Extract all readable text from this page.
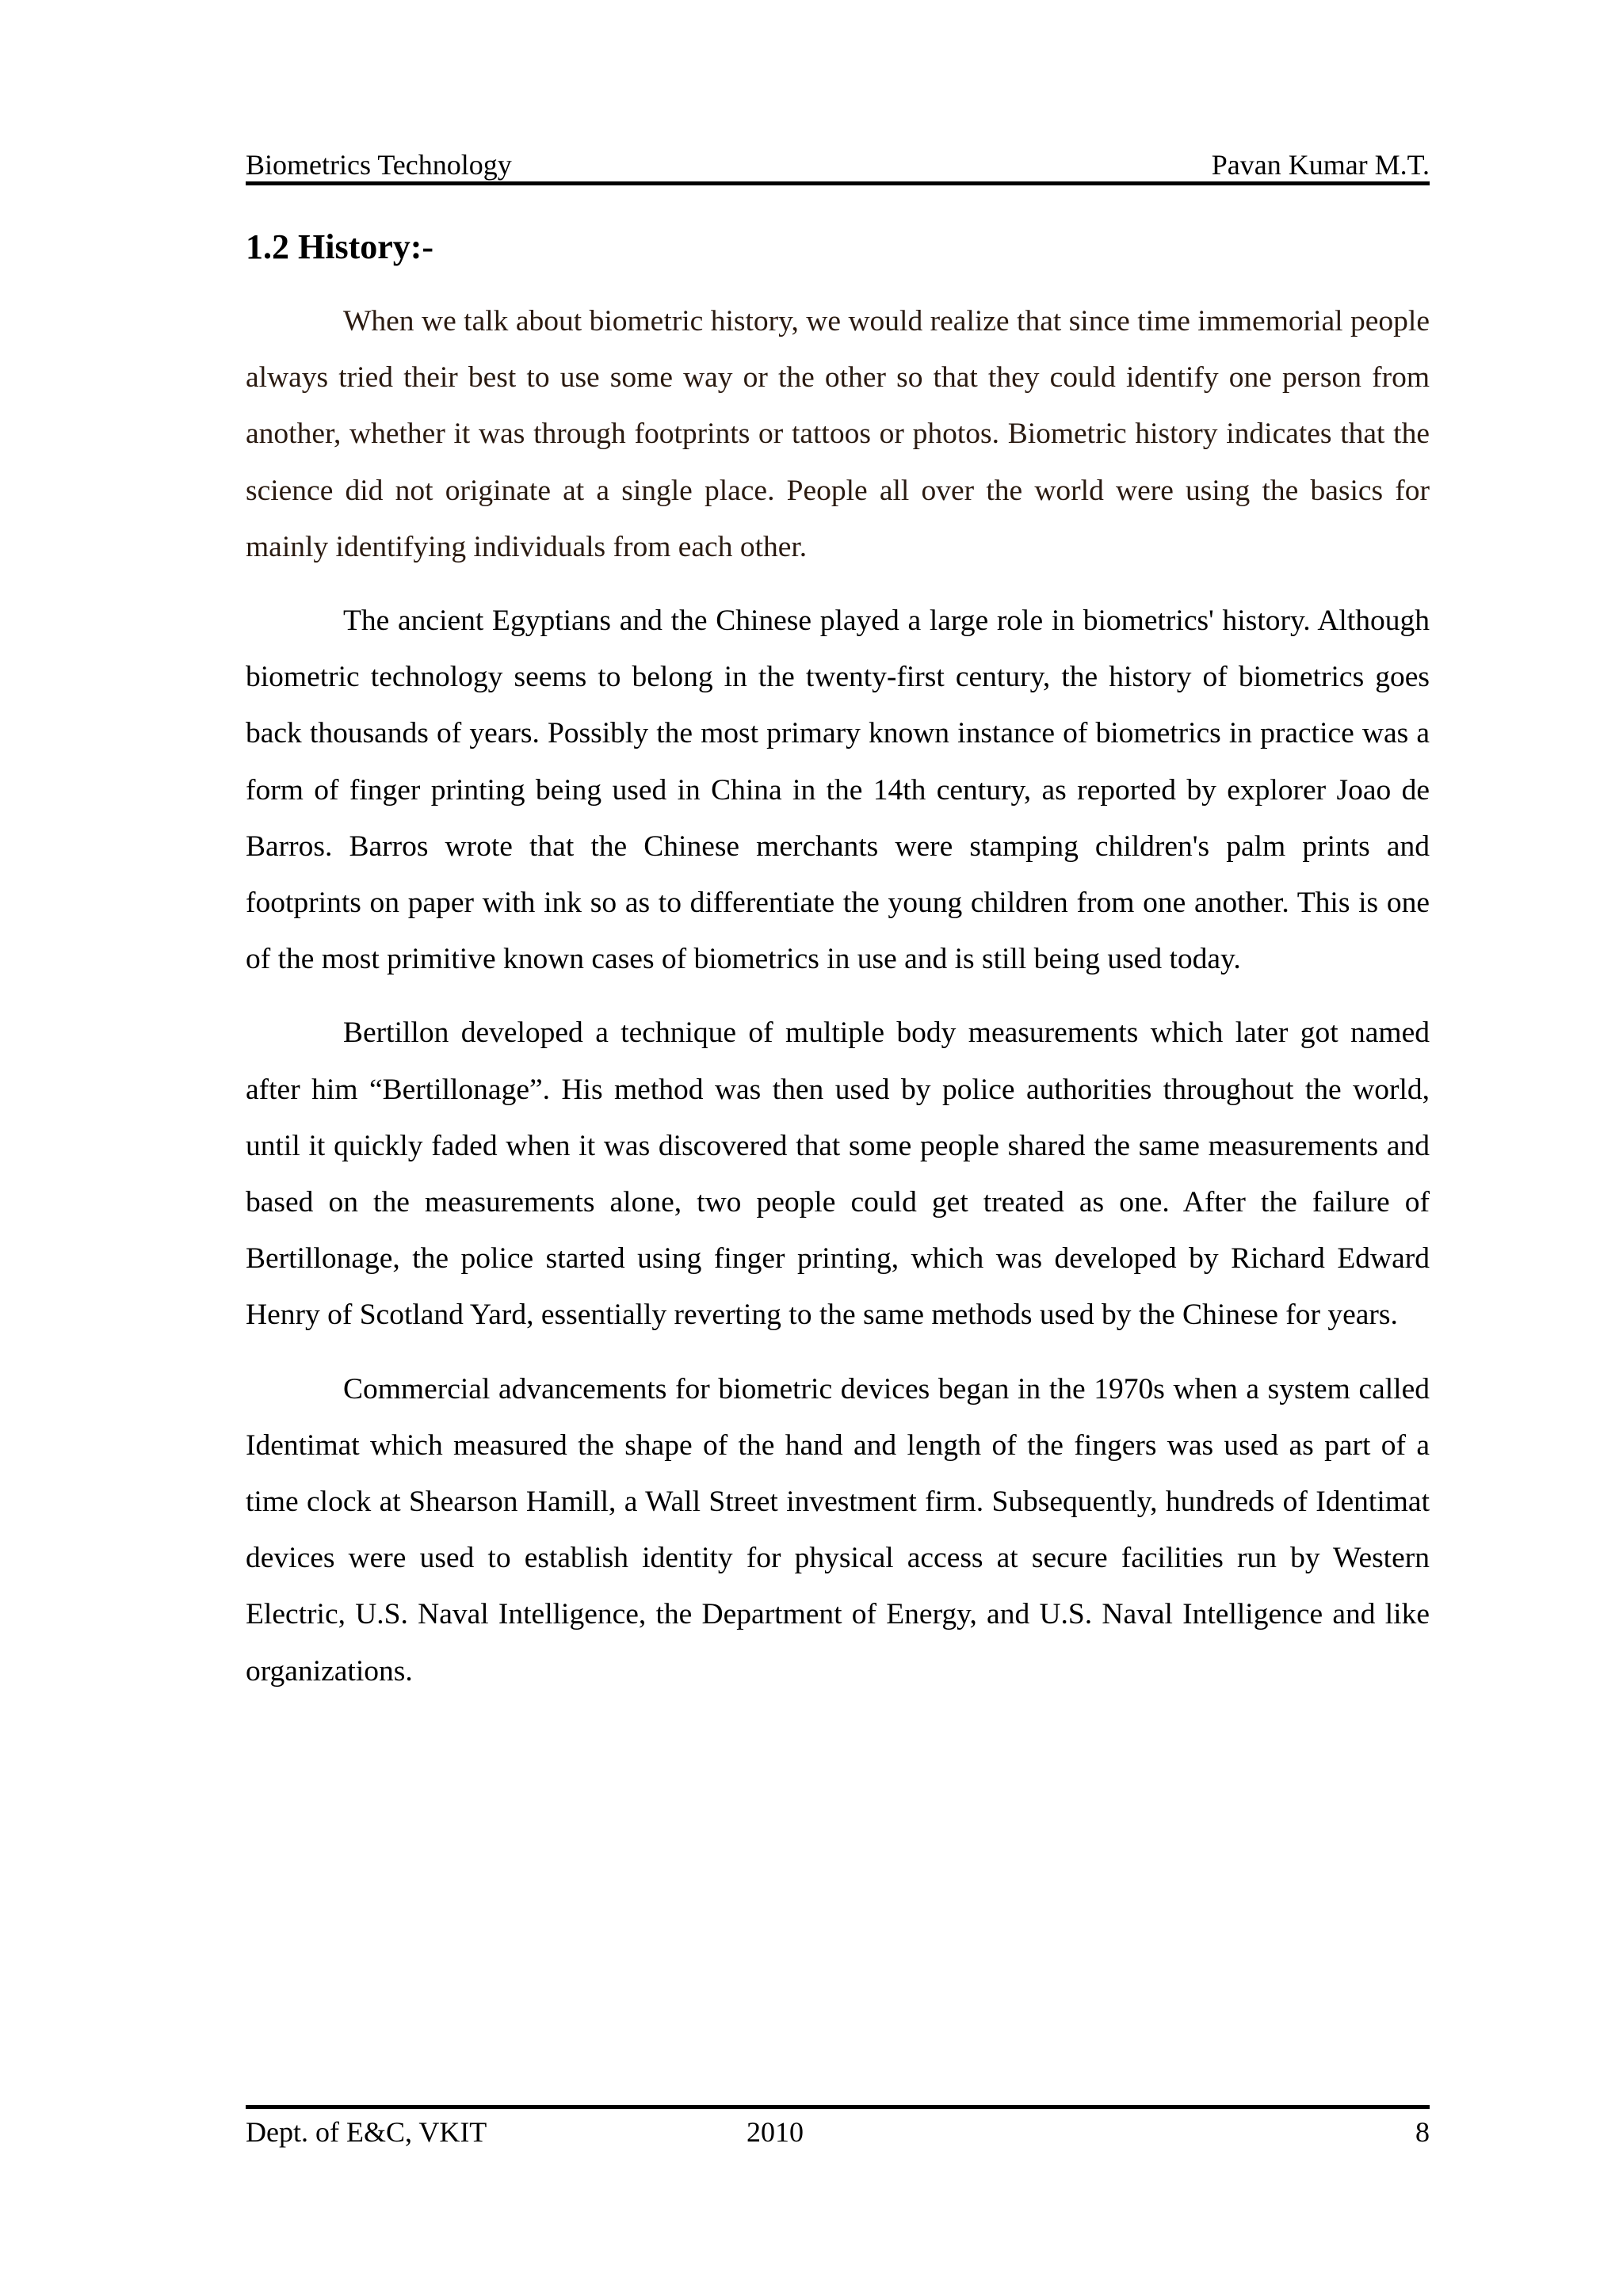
Biometrics Technology	Pavan Kumar M.T.
1.2 History:-

When we talk about biometric history, we would realize that since time immemorial people always tried their best to use some way or the other so that they could identify one person from another, whether it was through footprints or tattoos or photos. Biometric history indicates that the science did not originate at a single place. People all over the world were using the basics for mainly identifying individuals from each other.

The ancient Egyptians and the Chinese played a large role in biometrics' history. Although biometric technology seems to belong in the twenty-first century, the history of biometrics goes back thousands of years. Possibly the most primary known instance of biometrics in practice was a form of finger printing being used in China in the 14th century, as reported by explorer Joao de Barros. Barros wrote that the Chinese merchants were stamping children's palm prints and footprints on paper with ink so as to differentiate the young children from one another. This is one of the most primitive known cases of biometrics in use and is still being used today.

Bertillon developed a technique of multiple body measurements which later got named after him “Bertillonage”. His method was then used by police authorities throughout the world, until it quickly faded when it was discovered that some people shared the same measurements and based on the measurements alone, two people could get treated as one. After the failure of Bertillonage, the police started using finger printing, which was developed by Richard Edward Henry of Scotland Yard, essentially reverting to the same methods used by the Chinese for years.

Commercial advancements for biometric devices began in the 1970s when a system called Identimat which measured the shape of the hand and length of the fingers was used as part of a time clock at Shearson Hamill, a Wall Street investment firm. Subsequently, hundreds of Identimat devices were used to establish identity for physical access at secure facilities run by Western Electric, U.S. Naval Intelligence, the Department of Energy, and U.S. Naval Intelligence and like organizations.

Dept. of E&C, VKIT	2010	8
